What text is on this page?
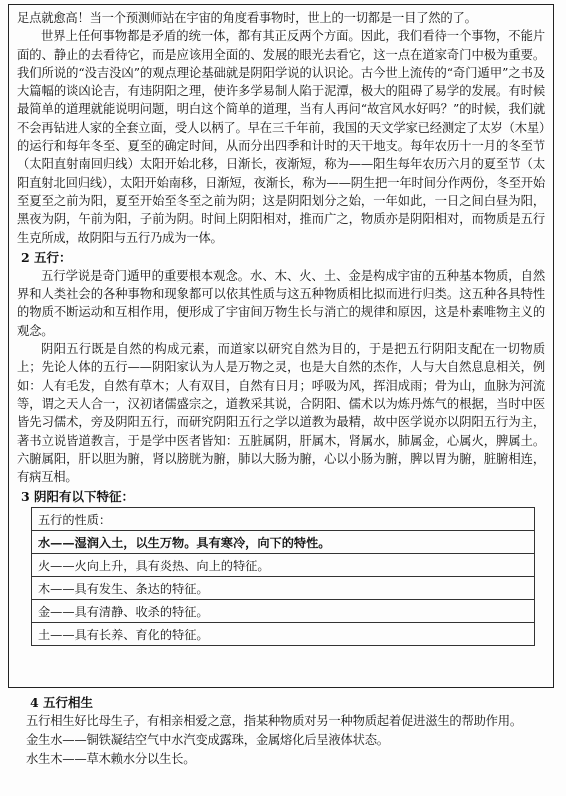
足点就愈高！当一个预测师站在宇宙的角度看事物时，世上的一切都是一目了然的了。

世界上任何事物都是矛盾的统一体，都有其正反两个方面。因此，我们看待一个事物，不能片面的、静止的去看待它，而是应该用全面的、发展的眼光去看它，这一点在道家奇门中极为重要。我们所说的“没吉没凶”的观点理论基础就是阴阳学说的认识论。古今世上流传的“奇门遁甲”之书及大篇幅的谈凶论吉，有违阴阳之理，使许多学易制人陷于泥潭，极大的阻碍了易学的发展。有时候最简单的道理就能说明问题，明白这个简单的道理，当有人再问“故宫风水好吗？”的时候，我们就不会再钻进人家的全套立面，受人以柄了。早在三千年前，我国的天文学家已经测定了太岁（木星）的运行和每年冬至、夏至的确定时间，从而分出四季和计时的天干地支。每年农历十一月的冬至节（太阳直射南回归线）太阳开始北移，日渐长，夜渐短，称为——阳生每年农历六月的夏至节（太阳直射北回归线），太阳开始南移，日渐短，夜渐长，称为——阴生把一年时间分作两份，冬至开始至夏至之前为阳，夏至开始至冬至之前为阴；这是阴阳划分之始，一年如此，一日之间白昼为阳，黑夜为阴，午前为阳，子前为阴。时间上阴阳相对，推而广之，物质亦是阴阳相对，而物质是五行生克所成，故阴阳与五行乃成为一体。

2 五行：

五行学说是奇门遁甲的重要根本观念。水、木、火、土、金是构成宇宙的五种基本物质，自然界和人类社会的各种事物和现象都可以依其性质与这五种物质相比拟而进行归类。这五种各具特性的物质不断运动和互相作用，便形成了宇宙间万物生长与消亡的规律和原因，这是朴素唯物主义的观念。

阴阳五行既是自然的构成元素，而道家以研究自然为目的，于是把五行阴阳支配在一切物质上；先论人体的五行——阴阳家认为人是万物之灵，也是大自然的杰作，人与大自然息息相关，例如：人有毛发，自然有草木；人有双目，自然有日月；呼吸为风，挥泪成雨；骨为山，血脉为河流等，谓之天人合一，汉初诸儒盛宗之，道教采其说，合阴阳、儒术以为炼丹炼气的根据，当时中医皆先习儒术，旁及阴阳五行，而研究阴阳五行之学以道教为最精，故中医学说亦以阴阳五行为主，著书立说皆道教言，于是学中医者皆知：五脏属阴，肝属木，肾属水，肺属金，心属火，脾属土。六腑属阳，肝以胆为腑，肾以膀胱为腑，肺以大肠为腑，心以小肠为腑，脾以胃为腑，脏腑相连，有病互相。

3 阴阳有以下特征：
五行的性质：
水——湿润入土，以生万物。具有寒冷，向下的特性。
火——火向上升，具有炎热、向上的特征。
木——具有发生、条达的特征。
金——具有清静、收杀的特征。
土——具有长养、育化的特征。
4 五行相生

五行相生好比母生子，有相亲相爱之意，指某种物质对另一种物质起着促进滋生的帮助作用。

金生水——铜铁凝结空气中水汽变成露珠，金属熔化后呈液体状态。

水生木——草木赖水分以生长。
